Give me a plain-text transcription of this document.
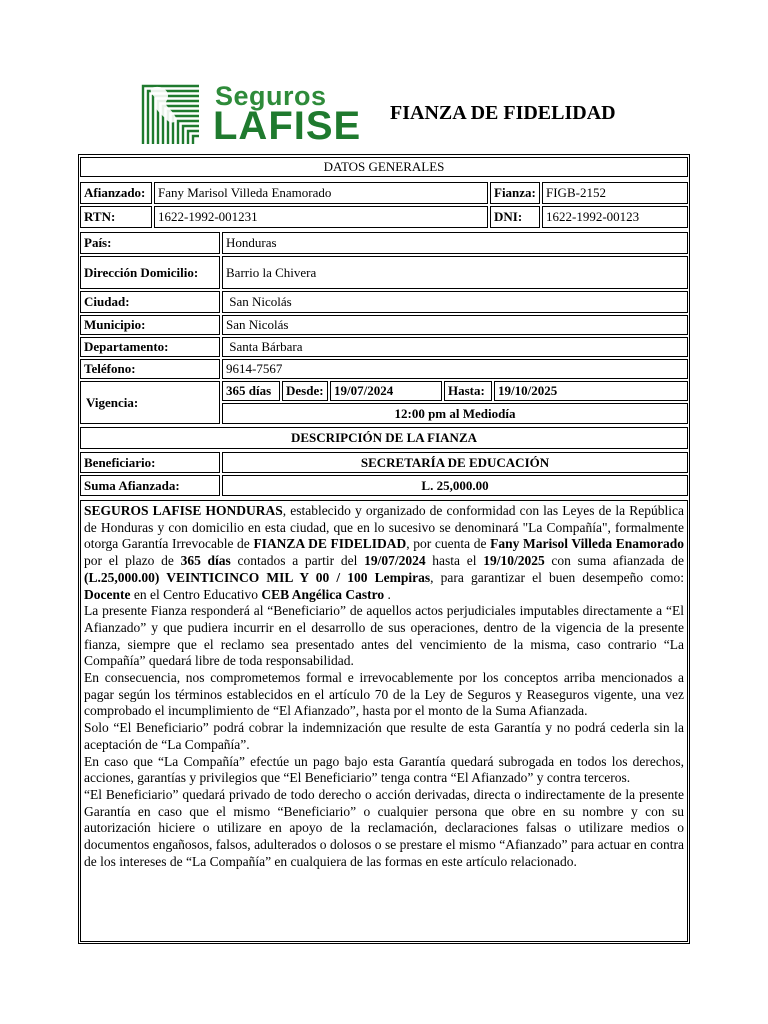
Seguros
LAFISE FIANZA DE FIDELIDAD
DATOS GENERALES
Afianzado: Fany Marisol Villeda Enamorado	Fianza: FIGB-2152
RTN:	1622-1992-001231	DNI:	1622-1992-00123
País:	Honduras
Dirección Domicilio:	Barrio la Chivera
Ciudad:	San Nicolás
Municipio:	San Nicolás
Departamento:	Santa Bárbara
Teléfono:	9614-7567
Vigencia:
365 días	Desde: 19/07/2024	Hasta:	19/10/2025
12:00 pm al Mediodía
DESCRIPCIÓN DE LA FIANZA
Beneficiario:	SECRETARÍA DE EDUCACIÓN
Suma Afianzada:	L. 25,000.00

SEGUROS LAFISE HONDURAS, establecido y organizado de conformidad con las Leyes de la República de Honduras y con domicilio en esta ciudad, que en lo sucesivo se denominará "La Compañía", formalmente otorga Garantía Irrevocable de FIANZA DE FIDELIDAD, por cuenta de Fany Marisol Villeda Enamorado por el plazo de 365 días contados a partir del 19/07/2024 hasta el 19/10/2025 con suma afianzada de (L.25,000.00) VEINTICINCO MIL Y 00 / 100 Lempiras, para garantizar el buen desempeño como: Docente en el Centro Educativo CEB Angélica Castro .

La presente Fianza responderá al “Beneficiario” de aquellos actos perjudiciales imputables directamente a “El Afianzado” y que pudiera incurrir en el desarrollo de sus operaciones, dentro de la vigencia de la presente fianza, siempre que el reclamo sea presentado antes del vencimiento de la misma, caso contrario “La Compañía” quedará libre de toda responsabilidad.

En consecuencia, nos comprometemos formal e irrevocablemente por los conceptos arriba mencionados a pagar según los términos establecidos en el artículo 70 de la Ley de Seguros y Reaseguros vigente, una vez comprobado el incumplimiento de “El Afianzado”, hasta por el monto de la Suma Afianzada.

Solo “El Beneficiario” podrá cobrar la indemnización que resulte de esta Garantía y no podrá cederla sin la aceptación de “La Compañía”.

En caso que “La Compañía” efectúe un pago bajo esta Garantía quedará subrogada en todos los derechos, acciones, garantías y privilegios que “El Beneficiario” tenga contra “El Afianzado” y contra terceros.

“El Beneficiario” quedará privado de todo derecho o acción derivadas, directa o indirectamente de la presente Garantía en caso que el mismo “Beneficiario” o cualquier persona que obre en su nombre y con su autorización hiciere o utilizare en apoyo de la reclamación, declaraciones falsas o utilizare medios o documentos engañosos, falsos, adulterados o dolosos o se prestare el mismo “Afianzado” para actuar en contra de los intereses de “La Compañía” en cualquiera de las formas en este artículo relacionado.
